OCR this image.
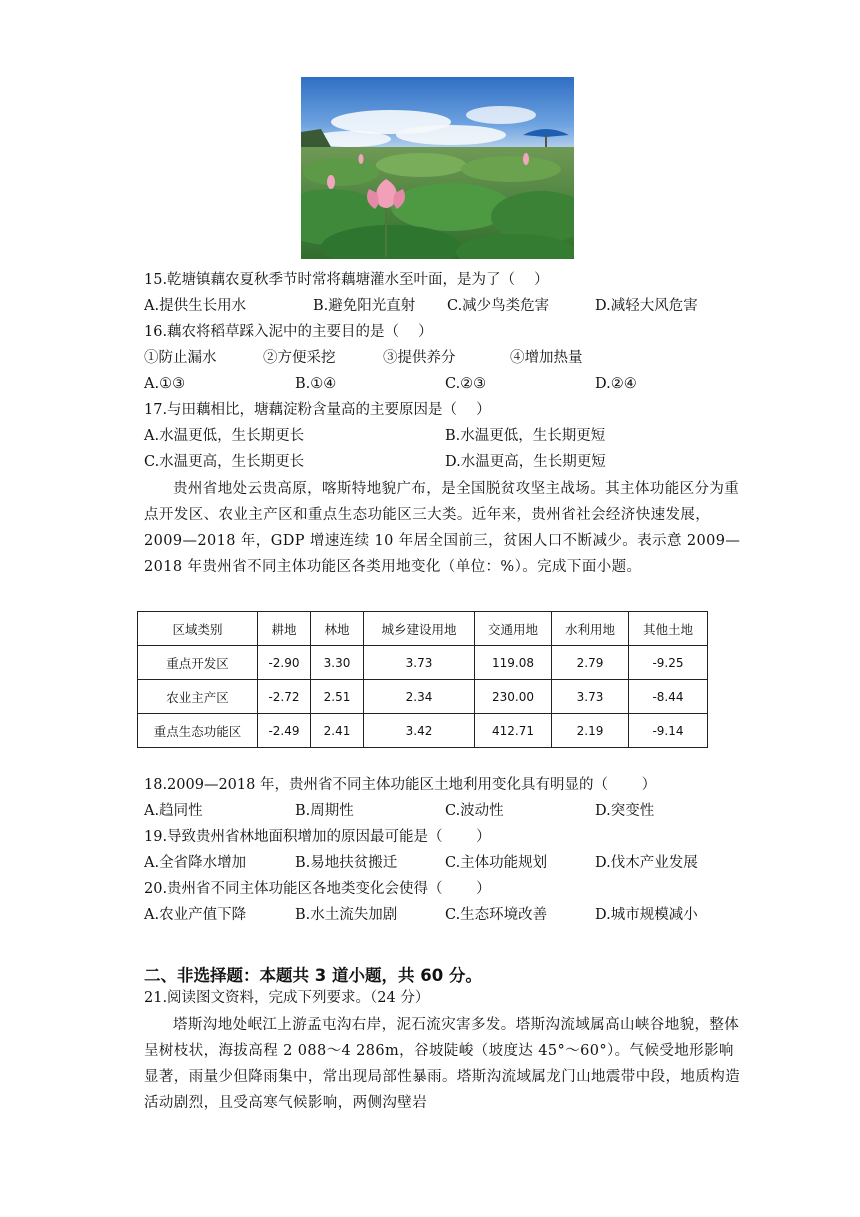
15.乾塘镇藕农夏秋季节时常将藕塘灌水至叶面，是为了（　 ）
A.提供生长用水	B.避免阳光直射 C.减少鸟类危害	D.减轻大风危害
16.藕农将稻草踩入泥中的主要目的是（　 ）
①防止漏水	②方便采挖	③提供养分	④增加热量
A.①③	B.①④	C.②③	D.②④
17.与田藕相比，塘藕淀粉含量高的主要原因是（　 ）
A.水温更低，生长期更长	B.水温更低，生长期更短
C.水温更高，生长期更长	D.水温更高，生长期更短
贵州省地处云贵高原，喀斯特地貌广布，是全国脱贫攻坚主战场。其主体功能区分为重点开发区、农业主产区和重点生态功能区三大类。近年来，贵州省社会经济快速发展，2009—2018 年，GDP 增速连续 10 年居全国前三，贫困人口不断减少。表示意 2009—2018 年贵州省不同主体功能区各类用地变化（单位：%）。完成下面小题。
区域类别	耕地	林地	城乡建设用地	交通用地	水利用地	其他土地
重点开发区	-2.90	3.30	3.73	119.08	2.79	-9.25
农业主产区	-2.72	2.51	2.34	230.00	3.73	-8.44
重点生态功能区	-2.49	2.41	3.42	412.71	2.19	-9.14
18.2009—2018 年，贵州省不同主体功能区土地利用变化具有明显的（　　 ）
A.趋同性	B.周期性	C.波动性	D.突变性
19.导致贵州省林地面积增加的原因最可能是（　　 ）
A.全省降水增加	B.易地扶贫搬迁	C.主体功能规划	D.伐木产业发展
20.贵州省不同主体功能区各地类变化会使得（　　 ）
A.农业产值下降	B.水土流失加剧	C.生态环境改善	D.城市规模减小
二、非选择题：本题共 3 道小题，共 60 分。
21.阅读图文资料，完成下列要求。（24 分）
塔斯沟地处岷江上游孟屯沟右岸，泥石流灾害多发。塔斯沟流域属高山峡谷地貌，整体呈树枝状，海拔高程 2 088～4 286m，谷坡陡峻（坡度达 45°～60°）。气候受地形影响显著，雨量少但降雨集中，常出现局部性暴雨。塔斯沟流域属龙门山地震带中段，地质构造活动剧烈，且受高寒气候影响，两侧沟壁岩
